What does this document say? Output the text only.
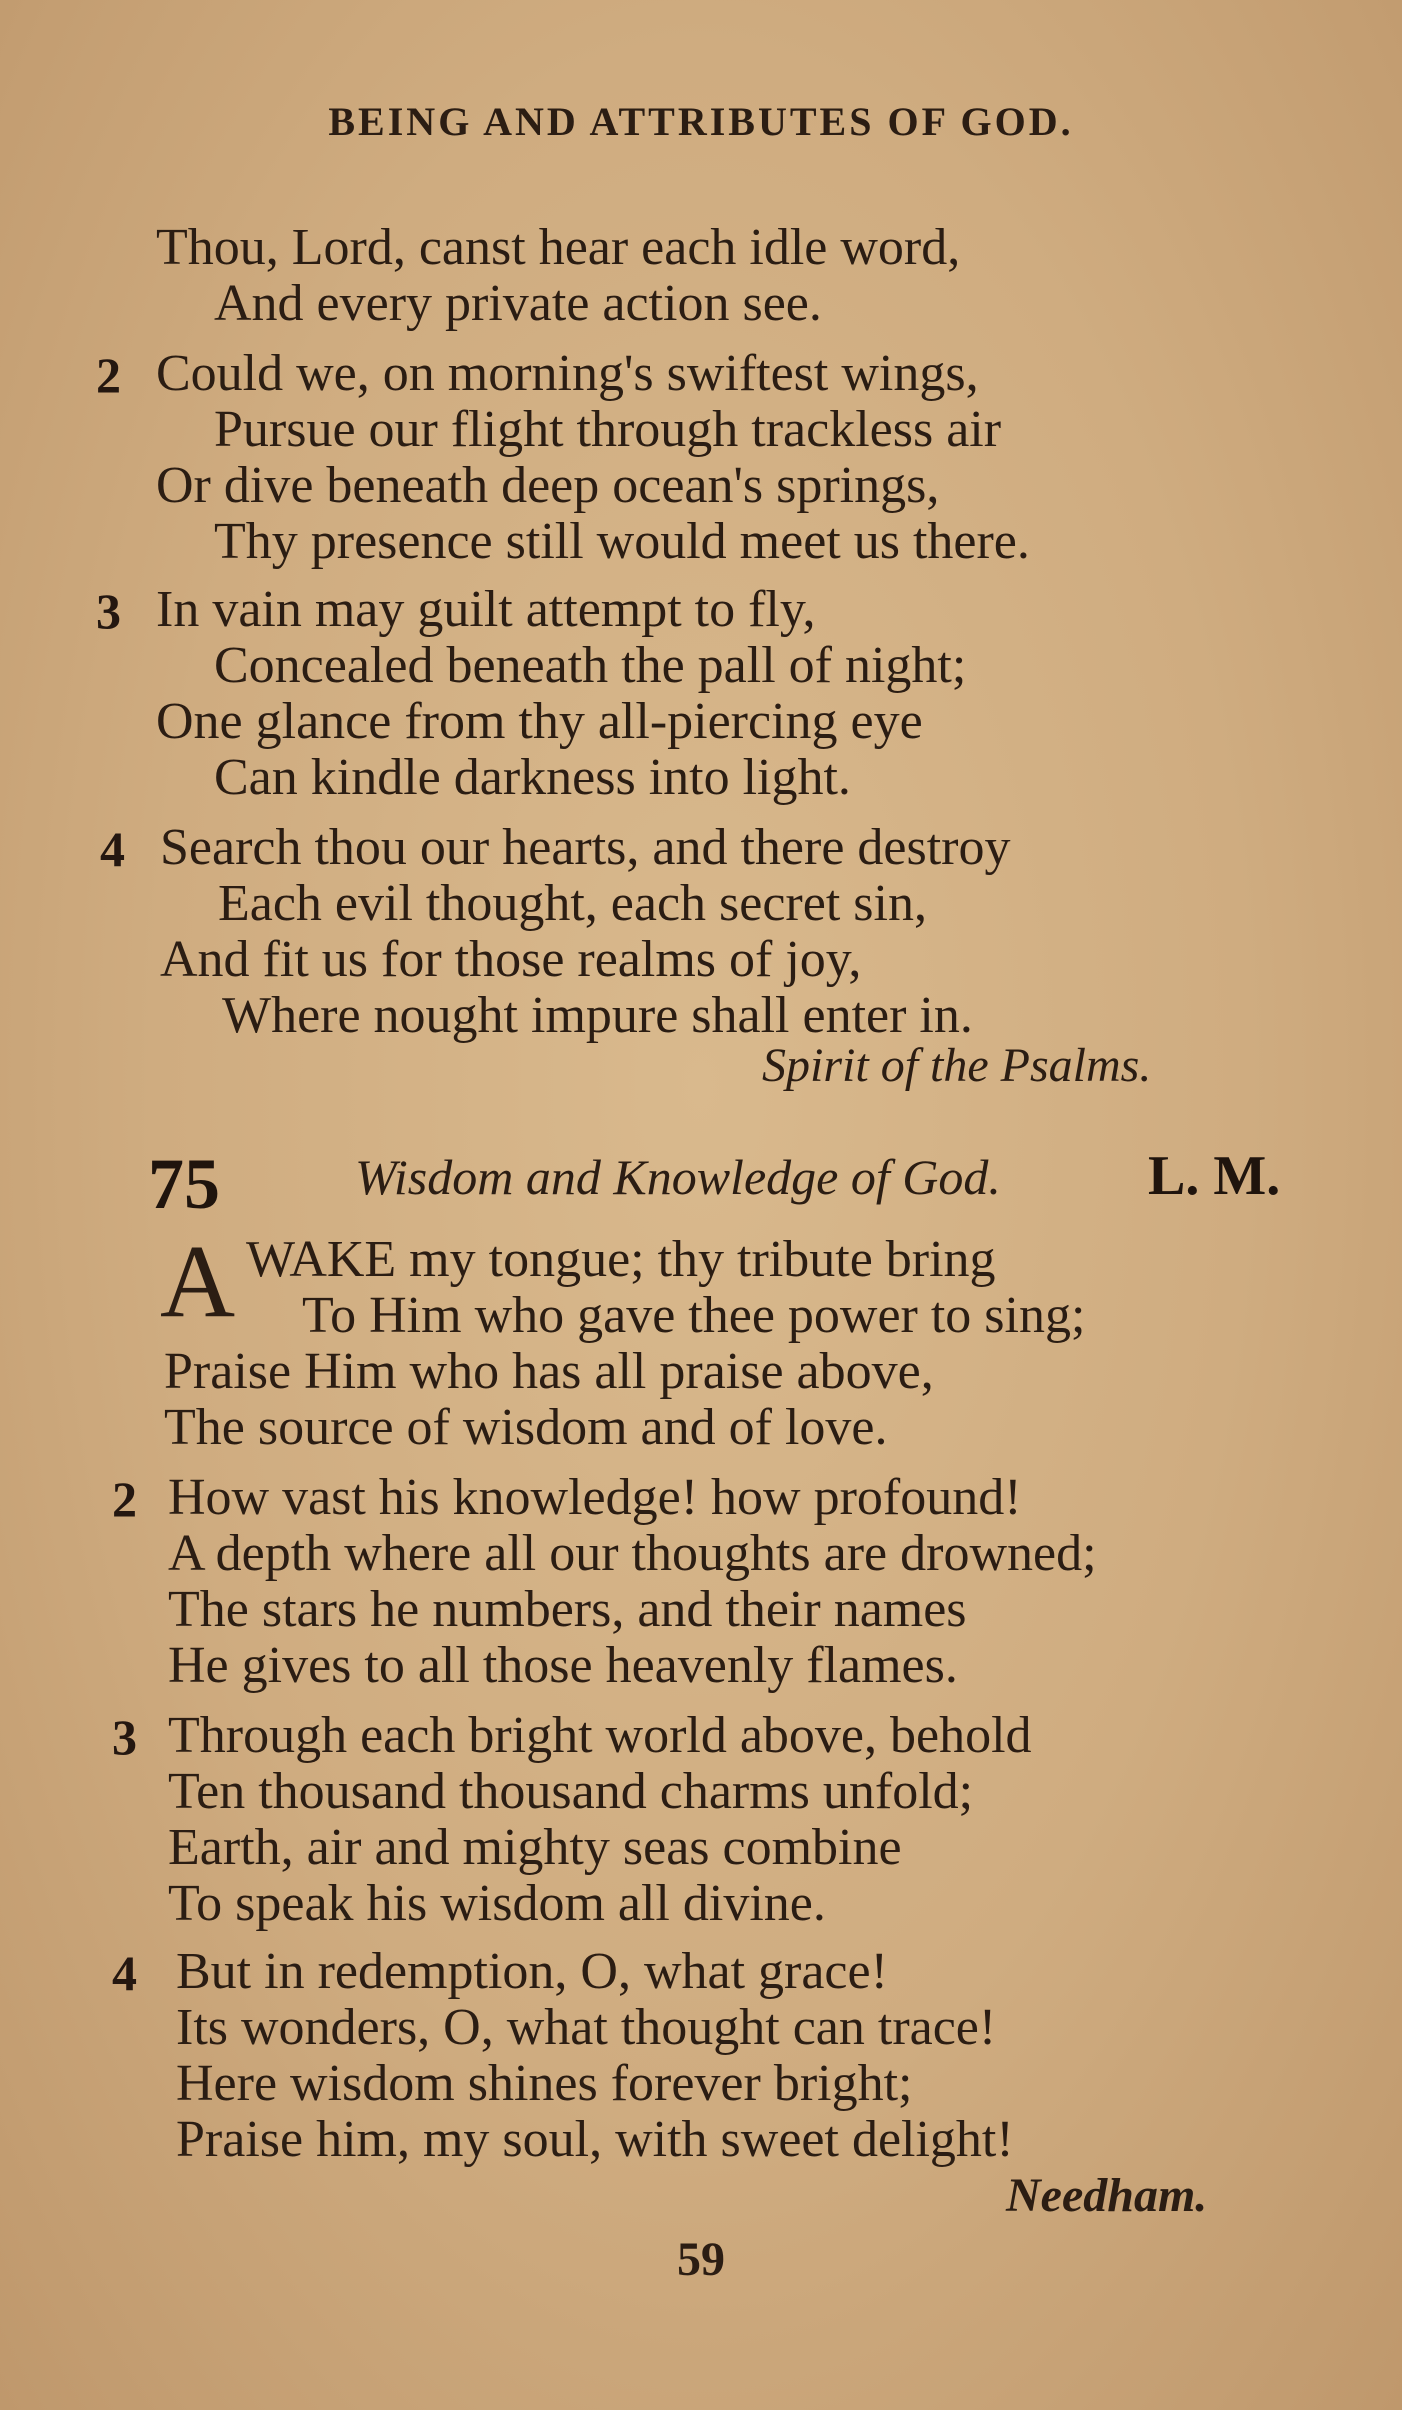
BEING AND ATTRIBUTES OF GOD.
Thou, Lord, canst hear each idle word,
And every private action see.
2 Could we, on morning's swiftest wings,
Pursue our flight through trackless air
Or dive beneath deep ocean's springs,
Thy presence still would meet us there.
3 In vain may guilt attempt to fly,
Concealed beneath the pall of night;
One glance from thy all-piercing eye
Can kindle darkness into light.
4 Search thou our hearts, and there destroy
Each evil thought, each secret sin,
And fit us for those realms of joy,
Where nought impure shall enter in.
Spirit of the Psalms.
75	Wisdom and Knowledge of God.	L. M.
A WAKE my tongue; thy tribute bring
To Him who gave thee power to sing;
Praise Him who has all praise above,
The source of wisdom and of love.
2 How vast his knowledge! how profound!
A depth where all our thoughts are drowned;
The stars he numbers, and their names
He gives to all those heavenly flames.
3 Through each bright world above, behold
Ten thousand thousand charms unfold;
Earth, air and mighty seas combine
To speak his wisdom all divine.
4 But in redemption, O, what grace!
Its wonders, O, what thought can trace!
Here wisdom shines forever bright;
Praise him, my soul, with sweet delight!
Needham.
59
